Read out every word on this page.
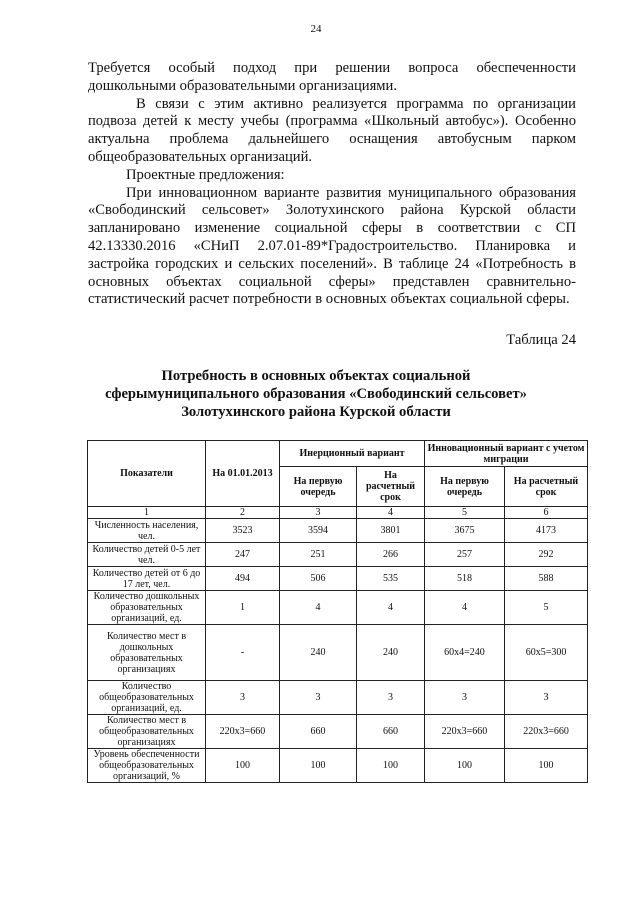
24

Требуется особый подход при решении вопроса обеспеченности дошкольными образовательными организациями.

В связи с этим активно реализуется программа по организации подвоза детей к месту учебы (программа «Школьный автобус»). Особенно актуальна проблема дальнейшего оснащения автобусным парком общеобразовательных организаций.

Проектные предложения:

При инновационном варианте развития муниципального образования «Свободинский сельсовет» Золотухинского района Курской области запланировано изменение социальной сферы в соответствии с СП 42.13330.2016 «СНиП 2.07.01-89*Градостроительство. Планировка и застройка городских и сельских поселений». В таблице 24 «Потребность в основных объектах социальной сферы» представлен сравнительно-статистический расчет потребности в основных объектах социальной сферы.

Таблица 24
Потребность в основных объектах социальной
сферымуниципального образования «Свободинский сельсовет»
Золотухинского района Курской области
Показатели	На 01.01.2013	Инерционный вариант		Инновационный вариант с учетом миграции	
		На первую очередь	На расчетный срок	На первую очередь	На расчетный срок
1	2	3	4	5	6
Численность населения, чел.	3523	3594	3801	3675	4173
Количество детей 0-5 лет чел.	247	251	266	257	292
Количество детей от 6 до 17 лет, чел.	494	506	535	518	588
Количество дошкольных образовательных организаций, ед.	1	4	4	4	5
Количество мест в дошкольных образовательных организациях	-	240	240	60х4=240	60х5=300
Количество общеобразовательных организаций, ед.	3	3	3	3	3
Количество мест в общеобразовательных организациях	220х3=660	660	660	220х3=660	220х3=660
Уровень обеспеченности общеобразовательных организаций, %	100	100	100	100	100
